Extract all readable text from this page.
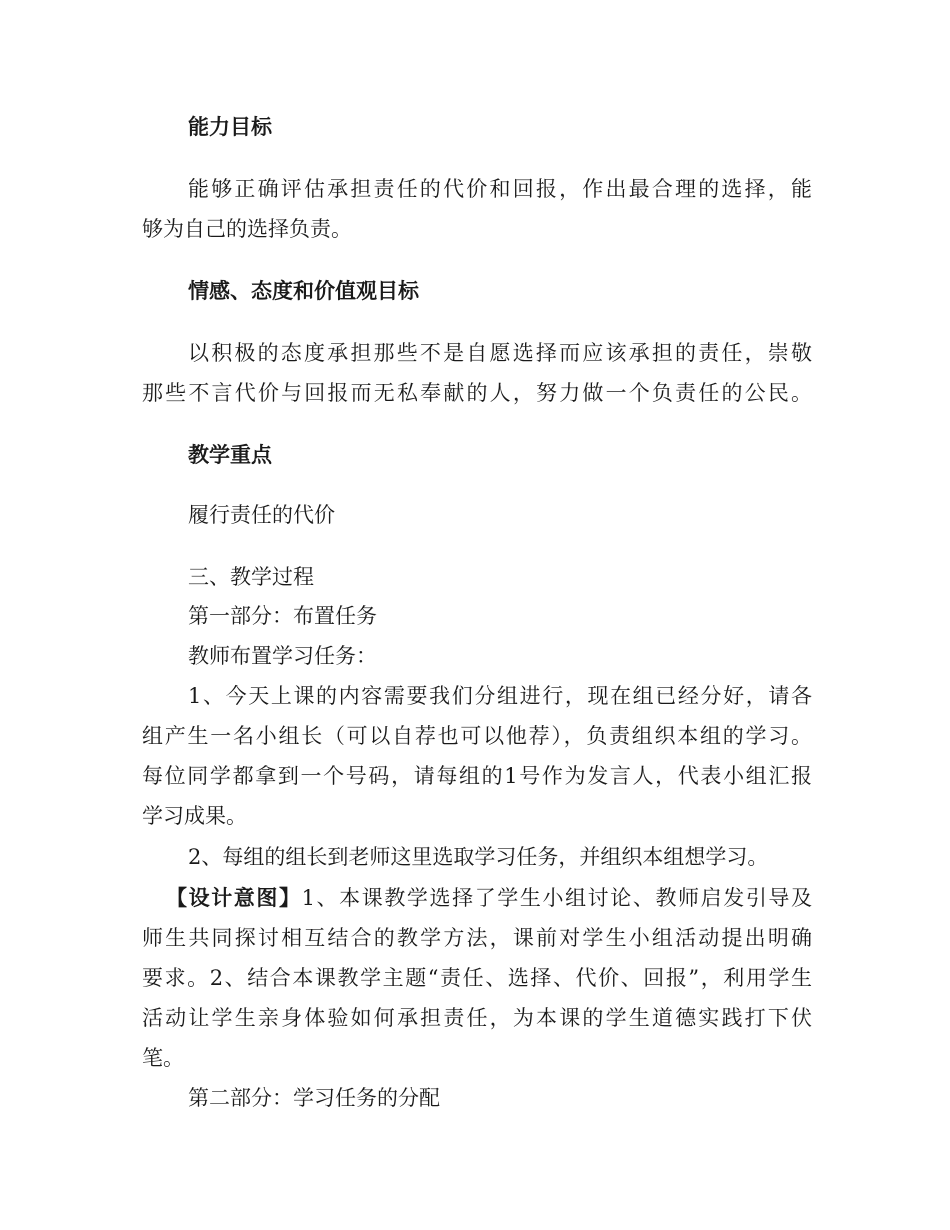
能力目标
能够正确评估承担责任的代价和回报，作出最合理的选择，能
够为自己的选择负责。
情感、态度和价值观目标
以积极的态度承担那些不是自愿选择而应该承担的责任，崇敬
那些不言代价与回报而无私奉献的人，努力做一个负责任的公民。
教学重点
履行责任的代价
三、教学过程
第一部分：布置任务
教师布置学习任务：
1、今天上课的内容需要我们分组进行，现在组已经分好，请各
组产生一名小组长（可以自荐也可以他荐），负责组织本组的学习。
每位同学都拿到一个号码，请每组的1号作为发言人，代表小组汇报
学习成果。
2、每组的组长到老师这里选取学习任务，并组织本组想学习。
【设计意图】1、本课教学选择了学生小组讨论、教师启发引导及
师生共同探讨相互结合的教学方法，课前对学生小组活动提出明确
要求。2、结合本课教学主题“责任、选择、代价、回报”，利用学生
活动让学生亲身体验如何承担责任，为本课的学生道德实践打下伏
笔。
第二部分：学习任务的分配
